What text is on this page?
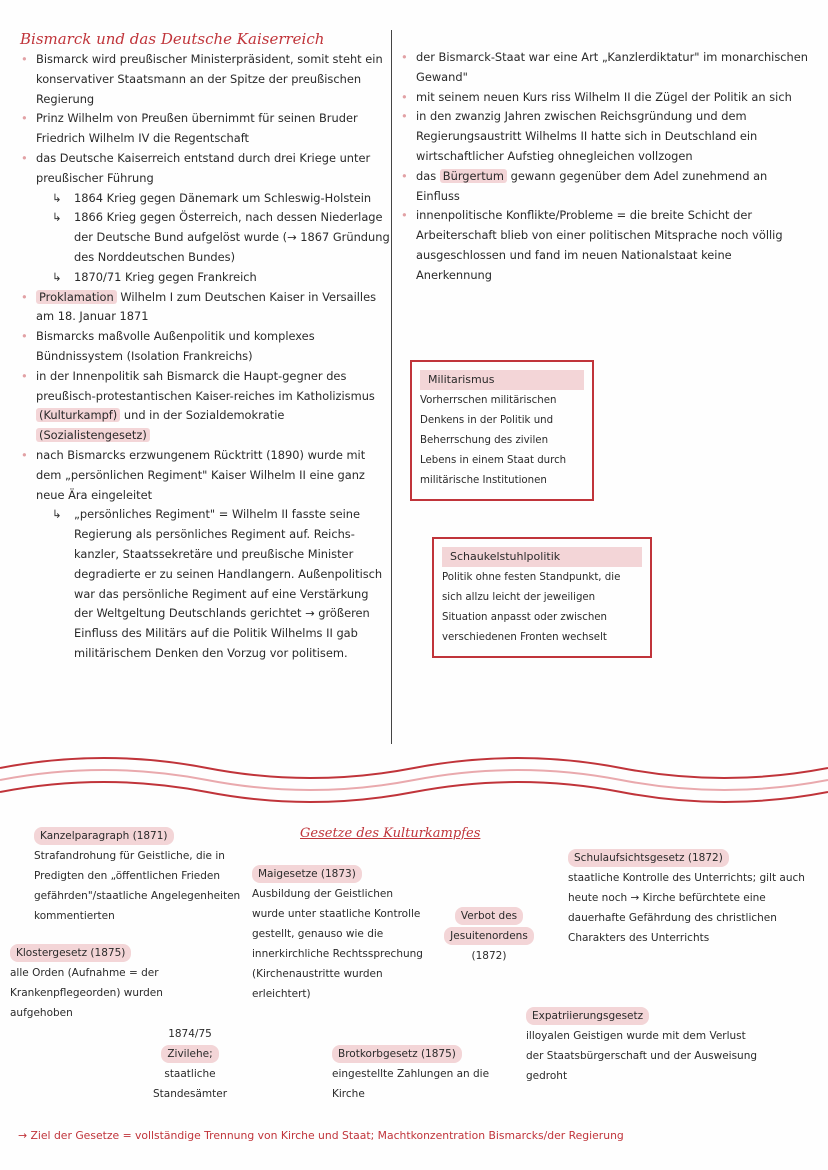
Bismarck und das Deutsche Kaiserreich
• Bismarck wird preußischer Ministerpräsident, somit steht ein konservativer Staatsmann an der Spitze der preußischen Regierung
• Prinz Wilhelm von Preußen übernimmt für seinen Bruder Friedrich Wilhelm IV die Regentschaft
• das Deutsche Kaiserreich entstand durch drei Kriege unter preußischer Führung
↳ 1864 Krieg gegen Dänemark um Schleswig-Holstein
↳ 1866 Krieg gegen Österreich, nach dessen Niederlage der Deutsche Bund aufgelöst wurde (→ 1867 Gründung des Norddeutschen Bundes)
↳ 1870/71 Krieg gegen Frankreich
• Proklamation Wilhelm I zum Deutschen Kaiser in Versailles am 18. Januar 1871
• Bismarcks maßvolle Außenpolitik und komplexes Bündnissystem (Isolation Frankreichs)
• in der Innenpolitik sah Bismarck die Haupt-gegner des preußisch-protestantischen Kaiser-reiches im Katholizismus (Kulturkampf) und in der Sozialdemokratie (Sozialistengesetz)
• nach Bismarcks erzwungenem Rücktritt (1890) wurde mit dem „persönlichen Regiment" Kaiser Wilhelm II eine ganz neue Ära eingeleitet
↳ „persönliches Regiment" = Wilhelm II fasste seine Regierung als persönliches Regiment auf. Reichs-kanzler, Staatssekretäre und preußische Minister degradierte er zu seinen Handlangern. Außenpolitisch war das persönliche Regiment auf eine Verstärkung der Weltgeltung Deutschlands gerichtet → größeren Einfluss des Militärs auf die Politik Wilhelms II gab militärischem Denken den Vorzug vor politisem.
• der Bismarck-Staat war eine Art „Kanzlerdiktatur" im monarchischen Gewand"
• mit seinem neuen Kurs riss Wilhelm II die Zügel der Politik an sich
• in den zwanzig Jahren zwischen Reichsgründung und dem Regierungsaustritt Wilhelms II hatte sich in Deutschland ein wirtschaftlicher Aufstieg ohnegleichen vollzogen
• das Bürgertum gewann gegenüber dem Adel zunehmend an Einfluss
• innenpolitische Konflikte/Probleme = die breite Schicht der Arbeiterschaft blieb von einer politischen Mitsprache noch völlig ausgeschlossen und fand im neuen Nationalstaat keine Anerkennung
Militarismus
Vorherrschen militärischen Denkens in der Politik und Beherrschung des zivilen Lebens in einem Staat durch militärische Institutionen
Schaukelstuhlpolitik
Politik ohne festen Standpunkt, die sich allzu leicht der jeweiligen Situation anpasst oder zwischen verschiedenen Fronten wechselt
Gesetze des Kulturkampfes
Kanzelparagraph (1871)
Strafandrohung für Geistliche, die in Predigten den „öffentlichen Frieden gefährden"/staatliche Angelegenheiten kommentierten
Maigesetze (1873)
Ausbildung der Geistlichen wurde unter staatliche Kontrolle gestellt, genauso wie die innerkirchliche Rechtssprechung (Kirchenaustritte wurden erleichtert)
Verbot des
Jesuitenordens
(1872)
Schulaufsichtsgesetz (1872)
staatliche Kontrolle des Unterrichts; gilt auch heute noch → Kirche befürchtete eine dauerhafte Gefährdung des christlichen Charakters des Unterrichts
Klostergesetz (1875)
alle Orden (Aufnahme = der Krankenpflegeorden) wurden aufgehoben
1874/75
Zivilehe;
staatliche Standesämter
Brotkorbgesetz (1875)
eingestellte Zahlungen an die Kirche
Expatriierungsgesetz
illoyalen Geistigen wurde mit dem Verlust der Staatsbürgerschaft und der Ausweisung gedroht
→ Ziel der Gesetze = vollständige Trennung von Kirche und Staat; Machtkonzentration Bismarcks/der Regierung
